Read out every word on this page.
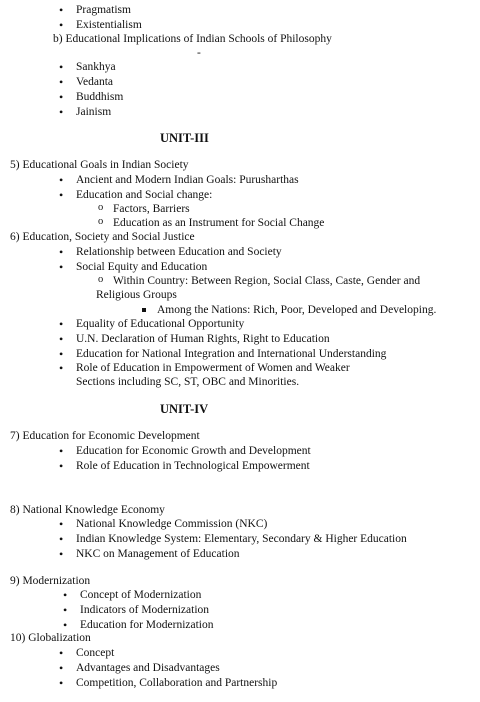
• Pragmatism
• Existentialism
b) Educational Implications of Indian Schools of Philosophy
-
• Sankhya
• Vedanta
• Buddhism
• Jainism
UNIT-III
5) Educational Goals in Indian Society
• Ancient and Modern Indian Goals: Purusharthas
• Education and Social change:
o Factors, Barriers
o Education as an Instrument for Social Change
6) Education, Society and Social Justice
• Relationship between Education and Society
• Social Equity and Education
o Within Country: Between Region, Social Class, Caste, Gender and
Religious Groups
Among the Nations: Rich, Poor, Developed and Developing.
• Equality of Educational Opportunity
• U.N. Declaration of Human Rights, Right to Education
• Education for National Integration and International Understanding
• Role of Education in Empowerment of Women and Weaker
Sections including SC, ST, OBC and Minorities.
UNIT-IV
7) Education for Economic Development
• Education for Economic Growth and Development
• Role of Education in Technological Empowerment
8) National Knowledge Economy
• National Knowledge Commission (NKC)
• Indian Knowledge System: Elementary, Secondary & Higher Education
• NKC on Management of Education
9) Modernization
• Concept of Modernization
• Indicators of Modernization
• Education for Modernization
10) Globalization
• Concept
• Advantages and Disadvantages
• Competition, Collaboration and Partnership
